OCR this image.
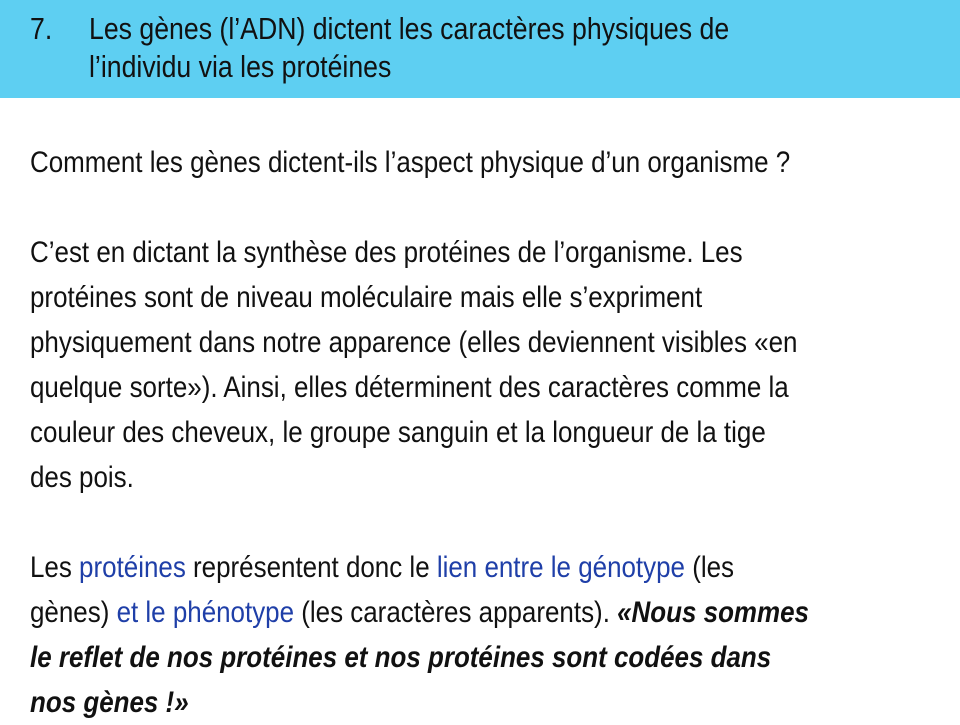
7. Les gènes (l’ADN) dictent les caractères physiques de
l’individu via les protéines
Comment les gènes dictent-ils l’aspect physique d’un organisme ?
C’est en dictant la synthèse des protéines de l’organisme. Les
protéines sont de niveau moléculaire mais elle s’expriment
physiquement dans notre apparence (elles deviennent visibles «en
quelque sorte»). Ainsi, elles déterminent des caractères comme la
couleur des cheveux, le groupe sanguin et la longueur de la tige
des pois.
Les protéines représentent donc le lien entre le génotype (les
gènes) et le phénotype (les caractères apparents). «Nous sommes
le reflet de nos protéines et nos protéines sont codées dans
nos gènes !»
